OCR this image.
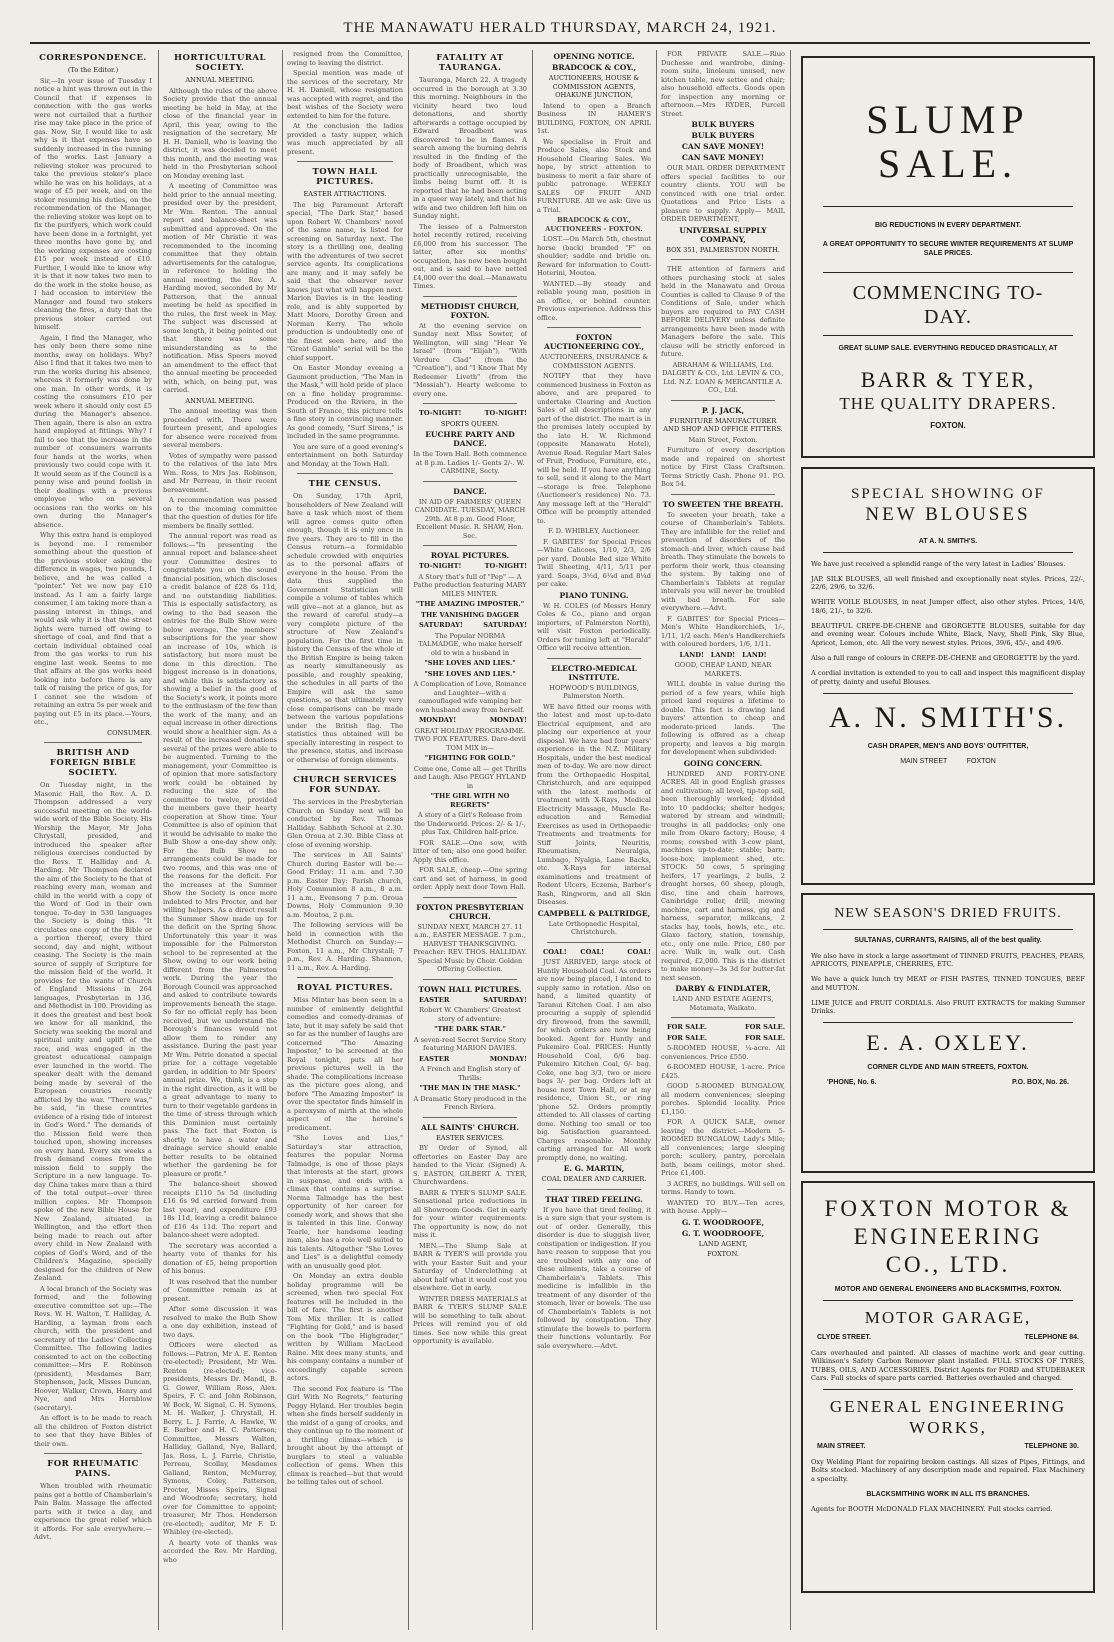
THE MANAWATU HERALD THURSDAY, MARCH 24, 1921.
CORRESPONDENCE.

(To the Editor.)

Sir,—In your issue of Tuesday I notice a hint was thrown out in the Council that if expenses in connection with the gas works were not curtailed that a further rise may take place in the price of gas. Now, Sir, I would like to ask why is it that expenses have so suddenly increased in the running of the works. Last January a relieving stoker was procured to take the previous stoker's place while he was on his holidays, at a wage of £5 per week, and on the stoker resuming his duties, on the recommendation of the Manager, the relieving stoker was kept on to fix the purifyers, which work could have been done in a fortnight, yet three months have gone by, and the working expenses are costing £15 per week instead of £10. Further, I would like to know why it is that it now takes two men to do the work in the stoke house, as I had occasion to interview the Manager and found two stokers cleaning the fires, a duty that the previous stoker carried out himself.

Again, I find the Manager, who has only been there some nine months, away on holidays. Why? Also I find that it takes two men to run the works during his absence, whereas it formerly was done by one man. In other words, it is costing the consumers £10 per week where it should only cost £5 during the Manager's absence. Then again, there is also an extra hand employed at fittings. Why? I fail to see that the increase in the number of consumers warrants four hands at the works, when previously two could cope with it. It would seem as if the Council is a penny wise and pound foolish in their dealings with a previous employee who on several occasions ran the works on his own during the Manager's absence.

Why this extra hand is employed is beyond me. I remember something about the question of the previous stoker asking the difference in wages, two pounds, I believe, and he was called a "pointer." Yet we now pay £10 instead. As I am a fairly large consumer, I am taking more than a passing interest in things, and would ask why it is that the street lights were turned off owing to shortage of coal, and find that a certain individual obtained coal from the gas works to run his engine last week. Seems to me that affairs at the gas works need looking into before there is any talk of raising the price of gas, for I cannot see the wisdom of retaining an extra 5s per week and paying out £5 in its place.—Yours, etc.,

CONSUMER.

BRITISH AND FOREIGN BIBLE SOCIETY.

On Tuesday night, in the Masonic Hall, the Rev. A. D. Thompson addressed a very successful meeting on the world-wide work of the Bible Society. His Worship the Mayor, Mr John Chrystall, presided, and introduced the speaker after religious exercises conducted by the Revs. T. Halliday and A. Harding. Mr Thompson declared the aim of the Society to be that of reaching every man, woman and child in the world with a copy of the Word of God in their own tongue. To-day in 530 languages the Society is doing this. "It circulates one copy of the Bible or a portion thereof, every third second, day and night, without ceasing. The Society is the main source of supply of Scripture for the mission field of the world. It provides for the wants of Church of England Missions in 264 languages, Presbyterian in 136, and Methodist in 100. Providing as it does the greatest and best book we know for all mankind, the Society was seeking the moral and spiritual unity and uplift of the race, and was engaged in the greatest educational campaign ever launched in the world. The speaker dealt with the demand being made by several of the European countries recently afflicted by the war. "There was," he said, "in these countries evidence of a rising tide of interest in God's Word." The demands of the Mission field were then touched upon, showing increases on every hand. Every six weeks a fresh demand comes from the mission field to supply the Scripture in a new language. To-day China takes more than a third of the total output—over three million copies. Mr Thompson spoke of the new Bible House for New Zealand, situated in Wellington, and the effort then being made to reach out after every child in New Zealand with copies of God's Word, and of the Children's Magazine, specially designed for the children of New Zealand.

A local branch of the Society was formed, and the following executive committee set up:—The Revs. W. H. Walton, T. Halliday, A. Harding, a layman from each church, with the president and secretary of the Ladies' Collecting Committee. The following ladies consented to act on the collecting committee:—Mrs F. Robinson (president), Mesdames Barr, Stephenson, Jack, Misses Duncan, Hoover, Walker, Crown, Henry and Nye, and Mrs Hornblow (secretary).

An effort is to be made to reach all the children of Foxton district to see that they have Bibles of their own.

FOR RHEUMATIC PAINS.

When troubled with rheumatic pains get a bottle of Chamberlain's Pain Balm. Massage the affected parts with it twice a day, and experience the great relief which it affords. For sale everywhere.—Advt.

HORTICULTURAL SOCIETY.

ANNUAL MEETING.

Although the rules of the above Society provide that the annual meeting be held in May, at the close of the financial year in April, this year, owing to the resignation of the secretary, Mr H. H. Daniell, who is leaving the district, it was decided to meet this month, and the meeting was held in the Presbyterian school on Monday evening last.

A meeting of Committee was held prior to the annual meeting, presided over by the president, Mr Wm. Renton. The annual report and balance-sheet was submitted and approved. On the motion of Mr Christie it was recommended to the incoming committee that they obtain advertisements for the catalogue, in reference to holding the annual meeting, the Rev. A. Harding moved, seconded by Mr Patterson, that the annual meeting be held as specified in the rules, the first week in May. The subject was discussed at some length, it being pointed out that there was some misunderstanding as to the notification. Miss Speers moved an amendment to the effect that the annual meeting be proceeded with, which, on being put, was carried.

ANNUAL MEETING.

The annual meeting was then proceeded with. There were fourteen present, and apologies for absence were received from several members.

Votes of sympathy were passed to the relatives of the late Mrs Wm. Ross, to Mrs Jas. Robinson, and Mr Perreau, in their recent bereavement.

A recommendation was passed on to the incoming committee that the question of duties for life members be finally settled.

The annual report was read as follows:—"In presenting the annual report and balance-sheet your Committee desires to congratulate you on the sound financial position, which discloses a credit balance of £28 6s 11d, and no outstanding liabilities. This is especially satisfactory, as owing to the bad season the entries for the Bulb Show were below average. The members' subscriptions for the year show an increase of 10s, which is satisfactory, but more must be done in this direction. The biggest increase is in donations, and while this is satisfactory as showing a belief in the good of the Society's work, it points more to the enthusiasm of the few than the work of the many, and an equal increase in other directions would show a healthier sign. As a result of the increased donations several of the prizes were able to be augmented. Turning to the management, your Committee is of opinion that more satisfactory work could be obtained by reducing the size of the committee to twelve, provided the members gave their hearty cooperation at Show time. Your Committee is also of opinion that it would be advisable to make the Bulb Show a one-day show only. For the Bulb Show no arrangements could be made for two rooms, and this was one of the reasons for the deficit. For the increases at the Summer Show the Society is once more indebted to Mrs Procter, and her willing helpers. As a direct result the Summer Show made up for the deficit on the Spring Show. Unfortunately this year it was impossible for the Palmerston school to be represented at the Show, owing to our work being different from the Palmerston work. During the year the Borough Council was approached and asked to contribute towards improvements beneath the stage. So far no official reply has been received, but we understand the Borough's finances would not allow them to render any assistance. During the past year Mr Wm. Petrie donated a special prize for a cottage vegetable garden, in addition to Mr Speers' annual prize. We, think, is a step in the right direction, as it will be a great advantage to many to turn to their vegetable gardens in the time of stress through which this Dominion must certainly pass. The fact that Foxton is shortly to have a water and drainage service should enable better results to be obtained whether the gardening be for pleasure or profit."

The balance-sheet showed receipts £110 5s 5d (including £16 6s 9d carried forward from last year), and expenditure £93 18s 11d, leaving a credit balance of £16 4s 11d. The report and balance-sheet were adopted.

The secretary was accorded a hearty vote of thanks for his donation of £5, being proportion of his bonus.

It was resolved that the number of Committee remain as at present.

After some discussion it was resolved to make the Bulb Show a one day exhibition, instead of two days.

Officers were elected as follows:—Patron, Mr A. E. Renton (re-elected); President, Mr Wm. Renton (re-elected); vice-presidents, Messrs Dr. Mandl, B. G. Gower, William Ross, Alex. Speirs, F. C. and John Robinson, W. Bock, W. Signal, C. H. Symons, M. H. Walker, J. Chrystall, H. Berry, L. J. Farrie, A. Hawke, W. E. Barber and H. C. Patterson; Committee, Messrs Walton, Halliday, Galland, Nye, Ballard, Jas. Ross, L. J. Farrie, Christie, Perreau, Scollay, Mesdames Galland, Renton, McMurray, Symons, Coley, Patterson, Procter, Misses Speirs, Signal and Woodroofe; secretary, held over for Committee to appoint; treasurer, Mr Thos. Henderson (re-elected); auditor, Mr F. D. Whibley (re-elected).

A hearty vote of thanks was accorded the Rev. Mr Harding, who

resigned from the Committee, owing to leaving the district.

Special mention was made of the services of the secretary, Mr H. H. Daniell, whose resignation was accepted with regret, and the best wishes of the Society were extended to him for the future.

At the conclusion the ladies provided a tasty supper, which was much appreciated by all present.

TOWN HALL PICTURES.

EASTER ATTRACTIONS.

The big Paramount Artcraft special, "The Dark Star," based upon Robert W. Chambers' novel of the same name, is listed for screening on Saturday next. The story is a thrilling one, dealing with the adventures of two secret service agents. Its complications are many, and it may safely be said that the observer never knows just what will happen next. Marion Davies is in the leading role, and is ably supported by Matt Moore, Dorothy Green and Norman Kerry. The whole production is undoubtedly one of the finest seen here, and the "Great Gamble" serial will be the chief support.

On Easter Monday evening a Gaumont production, "The Man in the Mask," will hold pride of place on a fine holiday programme. Produced on the Riviera, in the South of France, this picture tells a fine story in convincing manner. As good comedy, "Surf Sirens," is included in the same programme.

You are sure of a good evening's entertainment on both Saturday and Monday, at the Town Hall.

THE CENSUS.

On Sunday, 17th April, householders of New Zealand will have a task which most of them will agree comes quite often enough, though it is only once in five years. They are to fill in the Census return—a formidable schedule crowded with enquiries as to the personal affairs of everyone in the house. From the data thus supplied the Government Statistician will compile a volume of tables which will give—not at a glance, but as the reward of careful study—a very complete picture of the structure of New Zealand's population. For the first time in history the Census of the whole of the British Empire is being taken as nearly simultaneously as possible, and roughly speaking, the schedules in all parts of the Empire will ask the same questions, so that ultimately very close comparisons can be made between the various populations under the British flag. The statistics thus obtained will be specially interesting in respect to the presence, status, and increase or otherwise of foreign elements.

CHURCH SERVICES FOR SUNDAY.

The services in the Presbyterian Church on Sunday next will be conducted by Rev. Thomas Halliday. Sabbath School at 2.30. Glen Oroua at 2.30. Bible Class at close of evening worship.

The services in All Saints' Church during Easter will be:—Good Friday: 11 a.m. and 7.30 p.m. Easter Day: Parish church, Holy Communion 8 a.m., 8 a.m. 11 a.m., Evensong 7 p.m. Oroua Downs, Holy Communion 9.30 a.m. Moutoa, 2 p.m.

The following services will be held in connection with the Methodist Church on Sunday:—Foxton, 11 a.m., Mr Chrystall; 7 p.m., Rev. A. Harding. Shannon, 11 a.m., Rev. A. Harding.

ROYAL PICTURES.

Miss Minter has been seen in a number of eminently delightful comedies and comedy-dramas of late, but it may safely be said that so far as the number of laughs are concerned "The Amazing Imposter," to be screened at the Royal tonight, puts all her previous pictures well in the shade. The complications increase as the picture goes along, and before "The Amazing Imposter" is over the spectator finds himself in a paroxysm of mirth at the whole aspect of the heroine's predicament.

"She Loves and Lies," Saturday's star attraction, features the popular Norma Talmadge, is one of those plays that interests at the start, grows in suspense, and ends with a climax that contains a surprise. Norma Talmadge has the best opportunity of her career for comedy work, and shows that she is talented in this line. Conway Tearle, her handsome leading man, also has a role well suited to his talents. Altogether "She Loves and Lies" is a delightful comedy with an unusually good plot.

On Monday an extra double holiday programme will be screened, when two special Fox features will be included in the bill of fare. The first is another Tom Mix thriller. It is called "Fighting for Gold," and is based on the book "The Highgrader," written by William MacLeod Raine. Mix does many stunts, and his company contains a number of exceedingly capable screen actors.

The second Fox feature is "The Girl With No Regrets," featuring Peggy Hyland. Her troubles begin when she finds herself suddenly in the midst of a gang of crooks, and they continue up to the moment of a thrilling climax—which is brought about by the attempt of burglars to steal a valuable collection of gems. When this climax is reached—but that would be telling tales out of school.

FATALITY AT TAURANGA.

Tauranga, March 22. A tragedy occurred in the borough at 3.30 this morning. Neighbours in the vicinity heard two loud detonations, and shortly afterwards a cottage occupied by Edward Broadbent was discovered to be in flames. A search among the burning debris resulted in the finding of the body of Broadbent, which was practically unrecognisable, the limbs being burnt off. It is reported that he had been acting in a queer way lately, and that his wife and two children left him on Sunday night.

The lessee of a Palmerston hotel recently retired, receiving £6,000 from his successor. The latter, after six months' occupation, has now been bought out, and is said to have netted £4,000 over the deal.—Manawatu Times.

METHODIST CHURCH, FOXTON.

At the evening service on Sunday next Miss Sowter, of Wellington, will sing "Hear Ye Israel" (from "Elijah"), "With Verdure Clad" (from the "Creation"), and "I Know That My Redeemer Liveth" (from the "Messiah"). Hearty welcome to every one.

TO-NIGHT!	TO-NIGHT!

SPORTS QUEEN.

EUCHRE PARTY AND DANCE.

In the Town Hall. Both commence at 8 p.m. Ladies 1/- Gents 2/-. W. CARMINE, Secty.

DANCE.

IN AID OF FARMERS' QUEEN CANDIDATE. TUESDAY, MARCH 29th. At 8 p.m. Good Floor, Excellent Music. R. SHAW, Hon. Sec.

ROYAL PICTURES.

TO-NIGHT!	TO-NIGHT!

A Story that's full of "Pep" — A Pathe production featuring MARY MILES MINTER.

"THE AMAZING IMPOSTER."

THE VANISHING DAGGER

SATURDAY!	SATURDAY!

The Popular NORMA TALMADGE, who make herself old to win a husband in

"SHE LOVES AND LIES."

"SHE LOVES AND LIES."

A Complication of Love, Romance and Laughter—with a camouflaged wife vamping her own husband away from herself.

MONDAY!	MONDAY!

GREAT HOLIDAY PROGRAMME. TWO FOX FEATURES. Dare-devil TOM MIX in—

"FIGHTING FOR GOLD."

Come one, Come all — get Thrills and Laugh. Also PEGGY HYLAND in

"THE GIRL WITH NO REGRETS"

A story of a Girl's Release from the Underworld. Prices: 2/- & 1/-, plus Tax. Children half-price.

FOR SALE.—One sow, with litter of ten; also one good heifer. Apply this office.

FOR SALE, cheap.—One spring cart and set of harness, in good order. Apply next door Town Hall.

FOXTON PRESBYTERIAN CHURCH.

SUNDAY NEXT, MARCH 27. 11 a.m., EASTER MESSAGE. 7 p.m., HARVEST THANKSGIVING. Preacher: REV. THOS. HALLIDAY. Special Music by Choir. Golden Offering Collection.

TOWN HALL PICTURES.

EASTER	SATURDAY!

Robert W. Chambers' Greatest story of adventure:

"THE DARK STAR."

A seven-reel Secret Service Story featuring MARION DAVIES.

EASTER	MONDAY!

A French and English story of Thrills:

"THE MAN IN THE MASK."

A Dramatic Story produced in the French Riviera.

ALL SAINTS' CHURCH.

EASTER SERVICES.

BY Order of Synod, all offertories on Easter Day are handed to the Vicar. (Signed) A. S. EASTON, GILBERT A. TYER, Churchwardens.

BARR & TYER'S SLUMP SALE. Sensational price reductions in all Showroom Goods. Get in early for your winter requirements. The opportunity is now, do not miss it.

MEN.—The Slump Sale at BARR & TYER'S will provide you with your Easter Suit and your Saturday of Underclothing at about half what it would cost you elsewhere. Get in early.

WINTER DRESS MATERIALS at BARR & TYER'S SLUMP SALE will be something to talk about. Prices will remind you of old times. See now while this great opportunity is available.

OPENING NOTICE.
BRADCOCK & COY.,

AUCTIONEERS, HOUSE & COMMISSION AGENTS, OHAKUNE JUNCTION,

Intend to open a Branch Business IN HAMER'S BUILDING, FOXTON, ON APRIL 1st.

We specialise in Fruit and Produce Sales, also Stock and Household Clearing Sales. We hope, by strict attention to business to merit a fair share of public patronage. WEEKLY SALES OF FRUIT AND FURNITURE. All we ask: Give us a Trial.

BRADCOCK & COY., AUCTIONEERS - FOXTON.

LOST.—On March 5th, chestnut horse (back) branded "F" on shoulder; saddle and bridle on. Reward for information to Coutt-Hoterini, Moutoa.

WANTED.—By steady and reliable young man, position in an office, or behind counter. Previous experience. Address this office.

FOXTON AUCTIONEERING COY.,

AUCTIONEERS, INSURANCE & COMMISSION AGENTS.

NOTIFY that they have commenced business in Foxton as above, and are prepared to undertake Clearing and Auction Sales of all descriptions in any part of the district. The mart is in the premises lately occupied by the late H. W. Richmond (opposite Manawatu Hotel), Avenue Road. Regular Mart Sales of Fruit, Produce, Furniture, etc., will be held. If you have anything to sell, send it along to the Mart—storage is free. Telephone (Auctioneer's residence) No. 73. Any message left at the "Herald" Office will be promptly attended to.

F. D. WHIBLEY, Auctioneer.

F. GABITES' for Special Prices—White Calicoes, 1/10, 2/3, 2/6 per yard. Double Bed size White Twill Sheeting, 4/11, 5/11 per yard. Soaps, 3½d, 6¼d and 8¼d per cake.

PIANO TUNING.

W. H. COLES (of Messrs Henry Coles & Co., piano and organ importers, of Palmerston North), will visit Foxton periodically. Orders for tuning left at "Herald" Office will receive attention.

ELECTRO-MEDICAL INSTITUTE.

HOPWOOD'S BUILDINGS, Palmerston North.

WE have fitted our rooms with the latest and most up-to-date Electrical equipment, and are placing our experience at your disposal. We have had four years' experience in the N.Z. Military Hospitals, under the best medical men of to-day. We are now direct from the Orthopaedic Hospital, Christchurch, and are equipped with the latest methods of treatment with X-Rays, Medical Electricity Massage, Muscle Re-education and Remedial Exercises as used in Orthopaedic Treatments and treatments for Stiff Joints, Neuritis, Rheumatism, Neuralgia, Lumbago, Nyalgia, Lame Backs, etc. X-Rays for internal examinations and treatment of Rodent Ulcers, Eczema, Barber's Rash, Ringworm, and all Skin Diseases.

CAMPBELL & PALTRIDGE,

Late Orthopaedic Hospital, Christchurch.

COAL! COAL!	COAL!

JUST ARRIVED, large stock of Huntly Household Coal. As orders are now being placed, I intend to supply same in rotation. Also on hand, a limited quantity of Taranui Kitchen Coal. I am also procuring a supply of splendid dry firewood, from the sawmill, for which orders are now being booked. Agent for Huntly and Pukemiro Coal. PRICES: Huntly Household Coal, 6/6 bag. Pukemiro Kitchen Coal, 6/- bag. Coke, one bag 3/3, two or more bags 3/- per bag. Orders left at house next Town Hall, or at my residence, Union St., or ring 'phone 52. Orders promptly attended to. All classes of carting done. Nothing too small or too big. Satisfaction guaranteed. Charges reasonable. Monthly carting arranged for. All work promptly done, no waiting.

E. G. MARTIN,

COAL DEALER AND CARRIER.

THAT TIRED FEELING.

If you have that tired feeling, it is a sure sign that your system is out of order. Generally, this disorder is due to sluggish liver, constipation or indigestion. If you have reason to suppose that you are troubled with any one of these ailments, take a course of Chamberlain's Tablets. This medicine is infallible in the treatment of any disorder of the stomach, liver or bowels. The use of Chamberlain's Tablets is not followed by constipation. They stimulate the bowels to perform their functions voluntarily. For sale everywhere.—Advt.

FOR PRIVATE SALE.—Riuo Duchesse and wardrobe, dining-room suite, linoleum unused, new kitchen table, new settee and chair; also household effects. Goods open for inspection any morning or afternoon.—Mrs RYDER, Purcell Street.

BULK BUYERS
BULK BUYERS
CAN SAVE MONEY!
CAN SAVE MONEY!

OUR MAIL ORDER DEPARTMENT offers special facilities to our country clients. YOU will be convinced with one trial order. Quotations and Price Lists a pleasure to supply. Apply— MAIL ORDER DEPARTMENT,

UNIVERSAL SUPPLY COMPANY,

BOX 351, PALMERSTON NORTH.

THE attention of farmers and others purchasing stock at sales held in the Manawatu and Oroua Counties is called to Clause 9 of the Conditions of Sale, under which buyers are required to PAY CASH BEFORE DELIVERY unless definite arrangements have been made with Managers before the sale. This clause will be strictly enforced in future.

ABRAHAM & WILLIAMS, Ltd. DALGETY & CO., Ltd. LEVIN & CO., Ltd. N.Z. LOAN & MERCANTILE A. CO., Ltd.

P. J. JACK,

FURNITURE MANUFACTURER AND SHOP AND OFFICE FITTERS.

Main Street, Foxton.

Furniture of every description made and repaired on shortest notice by First Class Craftsmen. Terms Strictly Cash. Phone 91. P.O. Box 54.

TO SWEETEN THE BREATH.

To sweeten your breath, take a course of Chamberlain's Tablets. They are infallible for the relief and prevention of disorders of the stomach and liver, which cause bad breath. They stimulate the bowels to perform their work, thus cleansing the system. By taking one of Chamberlain's Tablets at regular intervals you will never be troubled with bad breath. For sale everywhere.—Advt.

F. GABITES' for Special Prices—Men's White Handkerchiefs, 1/-, 1/11, 1/2 each. Men's Handkerchiefs with coloured borders, 1/6, 1/11.

LAND! LAND! LAND!

GOOD, CHEAP LAND, NEAR MARKETS.

WILL double in value during the period of a few years, while high priced land requires a lifetime to double. This fact is drawing land buyers' attention to cheap and moderate-priced lands. The following is offered as a cheap property, and leaves a big margin for development when subdivided:

GOING CONCERN.

HUNDRED AND FORTY-ONE ACRES. All in good English grasses and cultivation; all level, tip-top soil, been thoroughly worked; divided into 10 paddocks; shelter hedges; watered by stream and windmill; troughs in all paddocks; only one mile from Okaro factory; House, 4 rooms; cowshed with 3-cow plant, machines up-to-date; stable; barn; loose-box; implement shed, etc. STOCK: 50 cows, 5 springing heifers, 17 yearlings, 2 bulls, 2 draught horses, 60 sheep, plough, disc, tine and chain harrows, Cambridge roller, drill, mowing machine, cart and harness, gig and harness, separator, milkcans, 2 stacks hay, tools, bowls, etc., etc. Glaxo factory, station, township, etc., only one mile. Price, £80 per acre. Walk in, walk out. Cash required, £2,000. This is the district to make money—3s 3d for butter-fat next season.

DARBY & FINDLATER,

LAND AND ESTATE AGENTS, Matamata, Waikato.

FOR SALE.	FOR SALE.

FOR SALE.	FOR SALE.

5-ROOMED HOUSE, ¼-acre. All conveniences. Price £550.

6-ROOMED HOUSE, 1-acre. Price £425.

GOOD 5-ROOMED BUNGALOW, all modern conveniences; sleeping porches. Splendid locality. Price £1,150.

FOR A QUICK SALE, owner leaving the district.—Modern 5-ROOMED BUNGALOW, Lady's Mile; all conveniences; large sleeping porch; scullery, pantry, porcelain bath, beam ceilings, motor shed. Price £1,400.

3 ACRES, no buildings. Will sell on terms. Handy to town.

WANTED TO BUY.—Ten acres, with house. Apply—

G. T. WOODROOFE,
G. T. WOODROOFE,

LAND AGENT,

FOXTON.

SLUMP
SALE.
BIG REDUCTIONS IN EVERY DEPARTMENT.
A GREAT OPPORTUNITY TO SECURE WINTER REQUIREMENTS AT SLUMP SALE PRICES.
COMMENCING TO-DAY.
GREAT SLUMP SALE. EVERYTHING REDUCED DRASTICALLY, AT
BARR & TYER,
THE QUALITY DRAPERS.
FOXTON.
SPECIAL SHOWING OF
NEW BLOUSES
AT A. N. SMITH'S.

We have just received a splendid range of the very latest in Ladies' Blouses.

JAP. SILK BLOUSES, all well finished and exceptionally neat styles. Prices, 22/-, 22/6, 29/6, to 32/6.

WHITE VOILE BLOUSES, in neat Jumper effect, also other styles. Prices, 14/6, 18/6, 21/-, to 32/6.

BEAUTIFUL CREPE-DE-CHENE and GEORGETTE BLOUSES, suitable for day and evening wear. Colours include White, Black, Navy, Shell Pink, Sky Blue, Apricot, Lemon, etc. All the very newest styles. Prices, 39/6, 45/-, and 49/6.

Also a full range of colours in CREPE-DE-CHENE and GEORGETTE by the yard.

A cordial invitation is extended to you to call and inspect this magnificent display of pretty, dainty and useful Blouses.

A. N. SMITH'S.
CASH DRAPER, MEN'S AND BOYS' OUTFITTER,
MAIN STREET	FOXTON
NEW SEASON'S DRIED FRUITS.
SULTANAS, CURRANTS, RAISINS, all of the best quality.

We also have in stock a large assortment of TINNED FRUITS, PEACHES, PEARS, APRICOTS, PINEAPPLE, CHERRIES, ETC.

We have a quick lunch try MEAT or FISH PASTES, TINNED TONGUES, BEEF and MUTTON.

LIME JUICE and FRUIT CORDIALS. Also FRUIT EXTRACTS for making Summer Drinks.

E. A. OXLEY.
CORNER CLYDE AND MAIN STREETS, FOXTON.
'PHONE, No. 6.	P.O. BOX, No. 26.
FOXTON MOTOR &
ENGINEERING
CO., LTD.
MOTOR AND GENERAL ENGINEERS AND BLACKSMITHS, FOXTON.
MOTOR GARAGE,
CLYDE STREET.	TELEPHONE 84.

Cars overhauled and painted. All classes of machine work and gear cutting. Wilkinson's Safety Carbon Remover plant installed. FULL STOCKS OF TYRES, TUBES, OILS, AND ACCESSORIES. District Agents for FORD and STUDEBAKER Cars. Full stocks of spare parts carried. Batteries overhauled and charged.

GENERAL ENGINEERING WORKS,
MAIN STREET.	TELEPHONE 30.

Oxy Welding Plant for repairing broken castings. All sizes of Pipes, Fittings, and Bolts stocked. Machinery of any description made and repaired. Flax Machinery a specialty.

BLACKSMITHING WORK IN ALL ITS BRANCHES.

Agents for BOOTH McDONALD FLAX MACHINERY. Full stocks carried.
